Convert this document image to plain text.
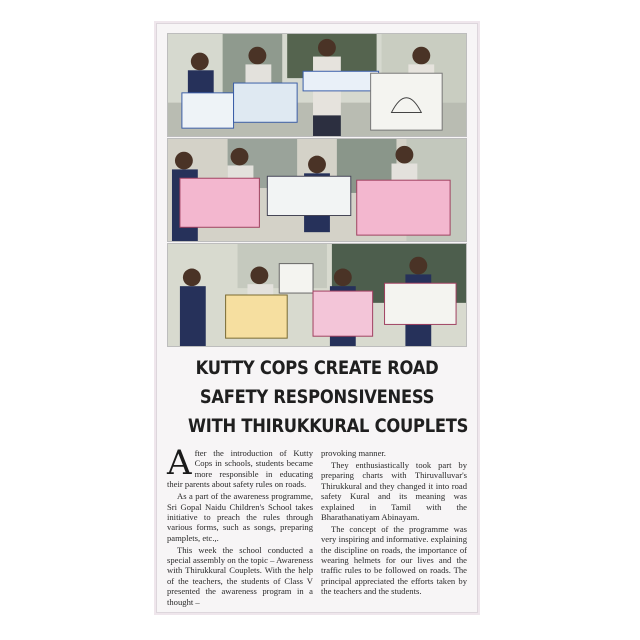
KUTTY COPS CREATE ROAD
SAFETY RESPONSIVENESS
WITH THIRUKKURAL COUPLETS

After the introduction of Kutty Cops in schools, students became more responsible in educating their parents about safety rules on roads.

As a part of the awareness programme, Sri Gopal Naidu Children's School takes initiative to preach the rules through various forms, such as songs, preparing pamplets, etc.,.

This week the school conducted a special assembly on the topic – Awareness with Thirukkural Couplets. With the help of the teachers, the students of Class V presented the awareness program in a thought –

provoking manner.

They enthusiastically took part by preparing charts with Thiruvalluvar's Thirukkural and they changed it into road safety Kural and its meaning was explained in Tamil with the Bharathanatiyam Abinayam.

The concept of the programme was very inspiring and informative. explaining the discipline on roads, the importance of wearing helmets for our lives and the traffic rules to be followed on roads. The principal appreciated the efforts taken by the teachers and the students.
